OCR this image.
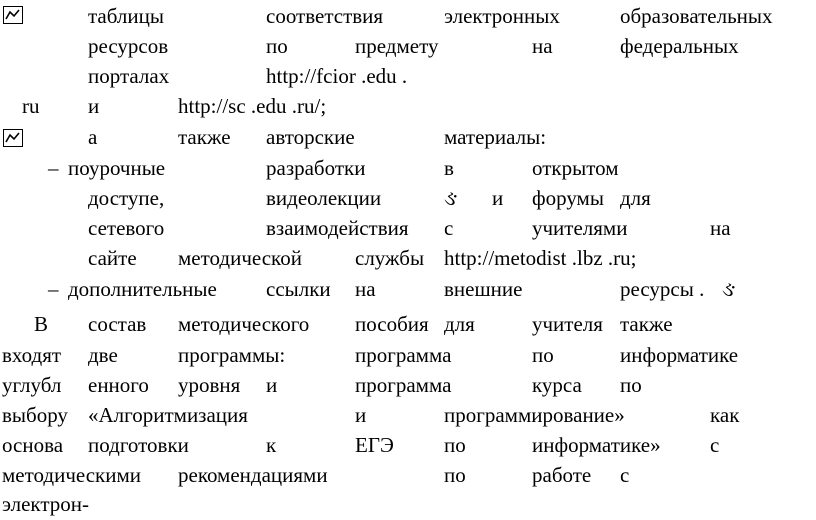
таблицы	соответствия	электронных	образовательных
ресурсов	по	предмету	на	федеральных
порталах	http://fcior .edu .
ru и	http://sc .edu .ru/;
а	также авторские	материалы:
– поурочные	разработки	в	открытом
доступе,	видеолекции	ઙ и форумы для
сетевого	взаимодействия с	учителями	на
сайте методической	службы http://metodist .lbz .ru;
– дополнительные ссылки на	внешние	ресурсы . ઙ
В состав методического пособия для	учителя также
входят две	программы:	программа	по	информатике
углубл енного уровня и	программа	курса по
выбору «Алгоритмизация	и	программирование»	как
основа подготовки	к	ЕГЭ по	информатике» с
методическими рекомендациями	по	работе с
электрон-
